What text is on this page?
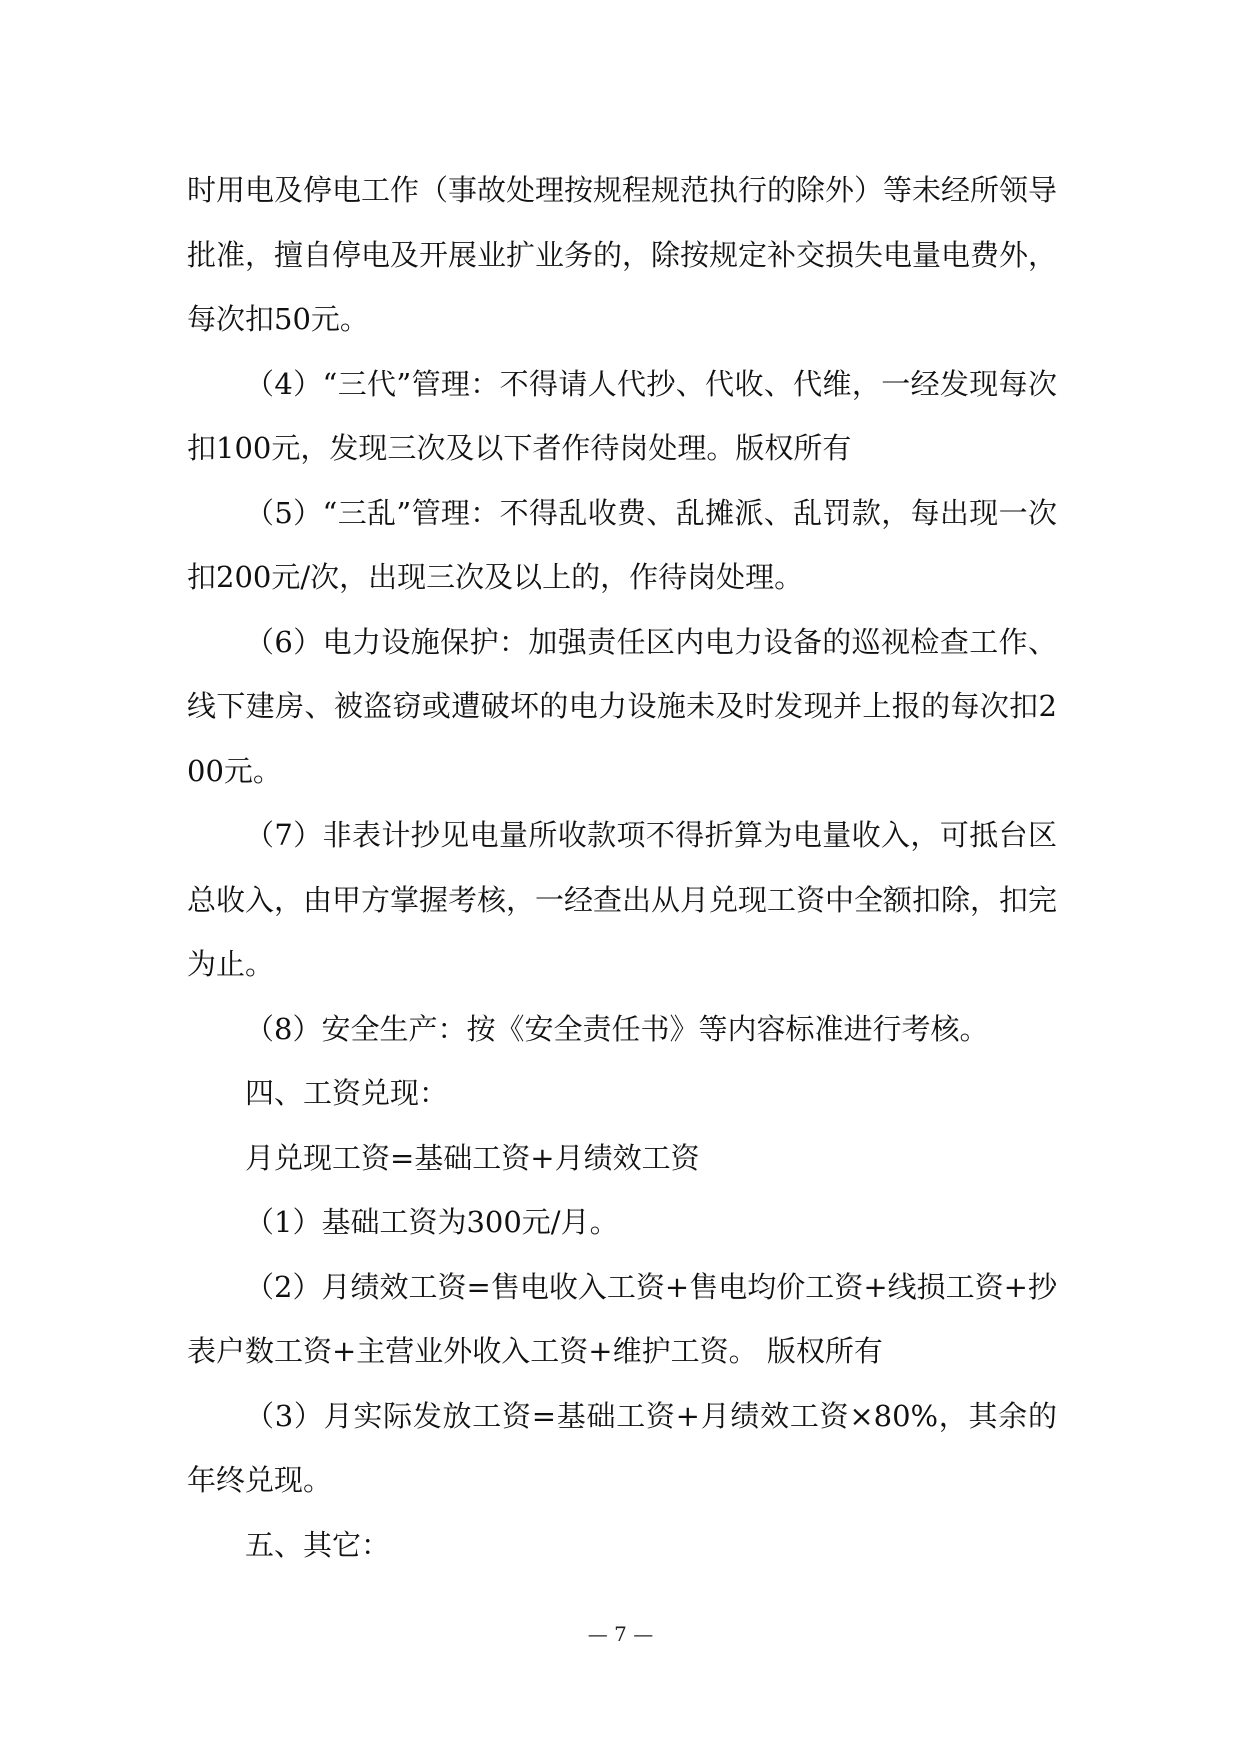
时用电及停电工作（事故处理按规程规范执行的除外）等未经所领导批准，擅自停电及开展业扩业务的，除按规定补交损失电量电费外，每次扣50元。

（4）“三代”管理：不得请人代抄、代收、代维，一经发现每次扣100元，发现三次及以下者作待岗处理。版权所有

（5）“三乱”管理：不得乱收费、乱摊派、乱罚款，每出现一次扣200元/次，出现三次及以上的，作待岗处理。

（6）电力设施保护：加强责任区内电力设备的巡视检查工作、线下建房、被盗窃或遭破坏的电力设施未及时发现并上报的每次扣200元。

（7）非表计抄见电量所收款项不得折算为电量收入，可抵台区总收入，由甲方掌握考核，一经查出从月兑现工资中全额扣除，扣完为止。

（8）安全生产：按《安全责任书》等内容标准进行考核。

四、工资兑现：

月兑现工资=基础工资+月绩效工资

（1）基础工资为300元/月。

（2）月绩效工资=售电收入工资+售电均价工资+线损工资+抄表户数工资+主营业外收入工资+维护工资。 版权所有

（3）月实际发放工资=基础工资+月绩效工资×80%，其余的年终兑现。

五、其它：

— 7 —
